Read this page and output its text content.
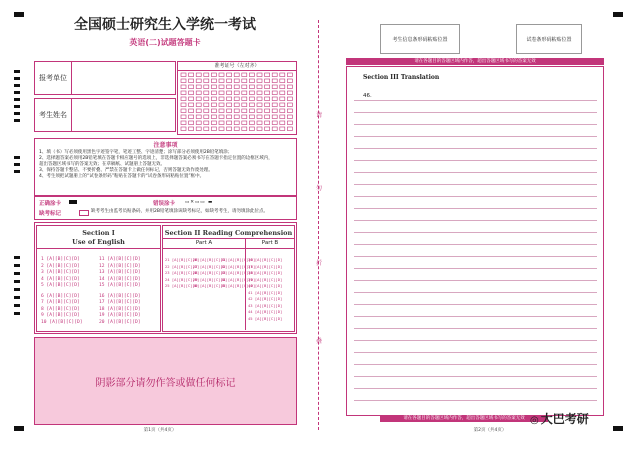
全国硕士研究生入学统一考试
英语(二)试题答题卡
报考单位
考生姓名
准考证号（左对齐）
注意事项
1、填（书）写必须使用黑色字迹签字笔，笔迹工整、字迹清楚；涂写部分必须使用2B铅笔填涂；
2、选择题答案必须用2B铅笔填在答题卡相应题号的选项上，非选择题答案必须书写在答题卡指定位置的边框区域内，
超出答题区域书写的答案无效；在草稿纸、试题册上答题无效。
3、保持答题卡整洁、不要折叠、严禁在答题卡上做任何标记，否则答题无效作废处理。
4、考生须把试题册上的“试卷条形码”粘贴在答题卡的“试卷条形码粘贴位置”框中。
正确涂卡	错误涂卡 ▭✕▭▭ ▬
缺考标记	缺考考生由监考员贴条码，并用2B铅笔填涂该缺考标记，如缺考考生，请勿填涂此位点。
Section I
Use of English
Section II Reading Comprehension
Part A	Part B
1 [A][B][C][D]
2 [A][B][C][D]
3 [A][B][C][D]
4 [A][B][C][D]
5 [A][B][C][D]
6 [A][B][C][D]
7 [A][B][C][D]
8 [A][B][C][D]
9 [A][B][C][D]
10 [A][B][C][D]
11 [A][B][C][D]
12 [A][B][C][D]
13 [A][B][C][D]
14 [A][B][C][D]
15 [A][B][C][D]
16 [A][B][C][D]
17 [A][B][C][D]
18 [A][B][C][D]
19 [A][B][C][D]
20 [A][B][C][D]
21 [A][B][C][D]
22 [A][B][C][D]
23 [A][B][C][D]
24 [A][B][C][D]
25 [A][B][C][D]
26 [A][B][C][D]
27 [A][B][C][D]
28 [A][B][C][D]
29 [A][B][C][D]
30 [A][B][C][D]
31 [A][B][C][D]
32 [A][B][C][D]
33 [A][B][C][D]
34 [A][B][C][D]
35 [A][B][C][D]
36 [A][B][C][D]
37 [A][B][C][D]
38 [A][B][C][D]
39 [A][B][C][D]
40 [A][B][C][D]
41 [A][B][C][D]
42 [A][B][C][D]
43 [A][B][C][D]
44 [A][B][C][D]
45 [A][B][C][D]
阴影部分请勿作答或做任何标记
第1页（共4页）
请
勿
折
叠
考生信息条形码粘贴位置	试卷条形码粘贴位置
请在各题目的答题区域内作答，超出答题区域书写的答案无效
Section III Translation
46.
请在各题目的答题区域内作答，超出答题区域书写的答案无效
第2页（共4页）
◎ 大巴考研
